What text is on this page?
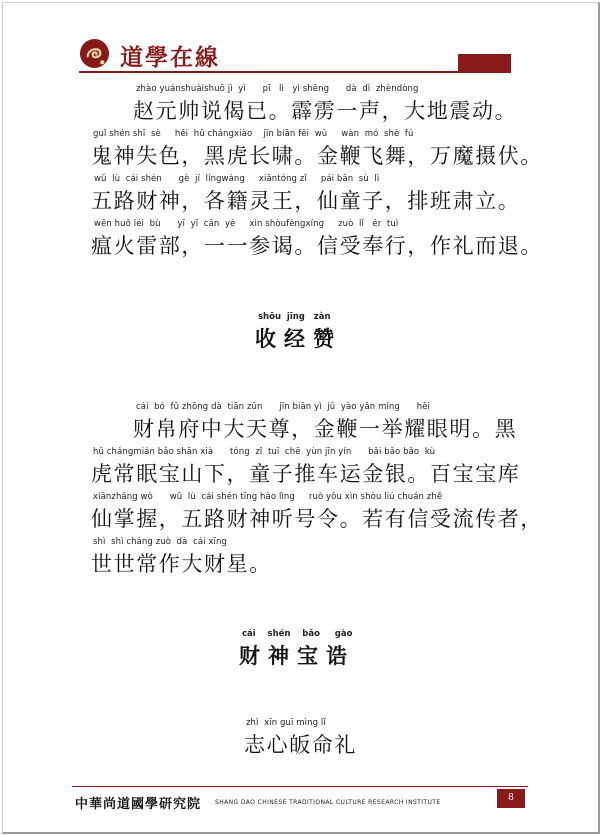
道學在線
zhào yuánshuàishuō jì  yì      pī   lì   yì shēng      dà  dì  zhèndòng
赵元帅说偈已。霹雳一声，大地震动。
guǐ shén shī  sè     hēi  hǔ chángxiào    jīn biān fēi  wǔ     wàn  mó  shè  fú
鬼神失色，黑虎长啸。金鞭飞舞，万魔摄伏。
wǔ  lù  cái shén      gè  jí  língwáng     xiāntóng zǐ     pái bān  sù  lì
五路财神，各籍灵王，仙童子，排班肃立。
wēn huǒ léi  bù      yī  yī  cān  yè     xìn shòufèngxíng     zuò  lǐ   ér  tuì
瘟火雷部，一一参谒。信受奉行，作礼而退。
shōu  jīng   zàn
收经赞
cái  bó  fǔ zhōng dà  tiān zūn      jīn biān yì  jǔ  yào yǎn míng      hēi
财帛府中大天尊，金鞭一举耀眼明。黑
hǔ chángmián bǎo shān xià      tóng  zǐ  tuī  chē  yùn jīn yín      bǎi bǎo bǎo  kù
虎常眠宝山下，童子推车运金银。百宝宝库
xiānzhǎng wò      wǔ  lù  cái shén tīng hào lìng     ruò yǒu xìn shòu liú chuán zhě
仙掌握，五路财神听号令。若有信受流传者，
shì  shì cháng zuò  dà  cái xīng
世世常作大财星。
cái    shén    bǎo     gào
财神宝诰
zhì  xīn guī mìng lǐ
志心皈命礼
中華尚道國學研究院 SHANG DAO CHINESE TRADITIONAL CULTURE RESEARCH INSTITUTE	8
